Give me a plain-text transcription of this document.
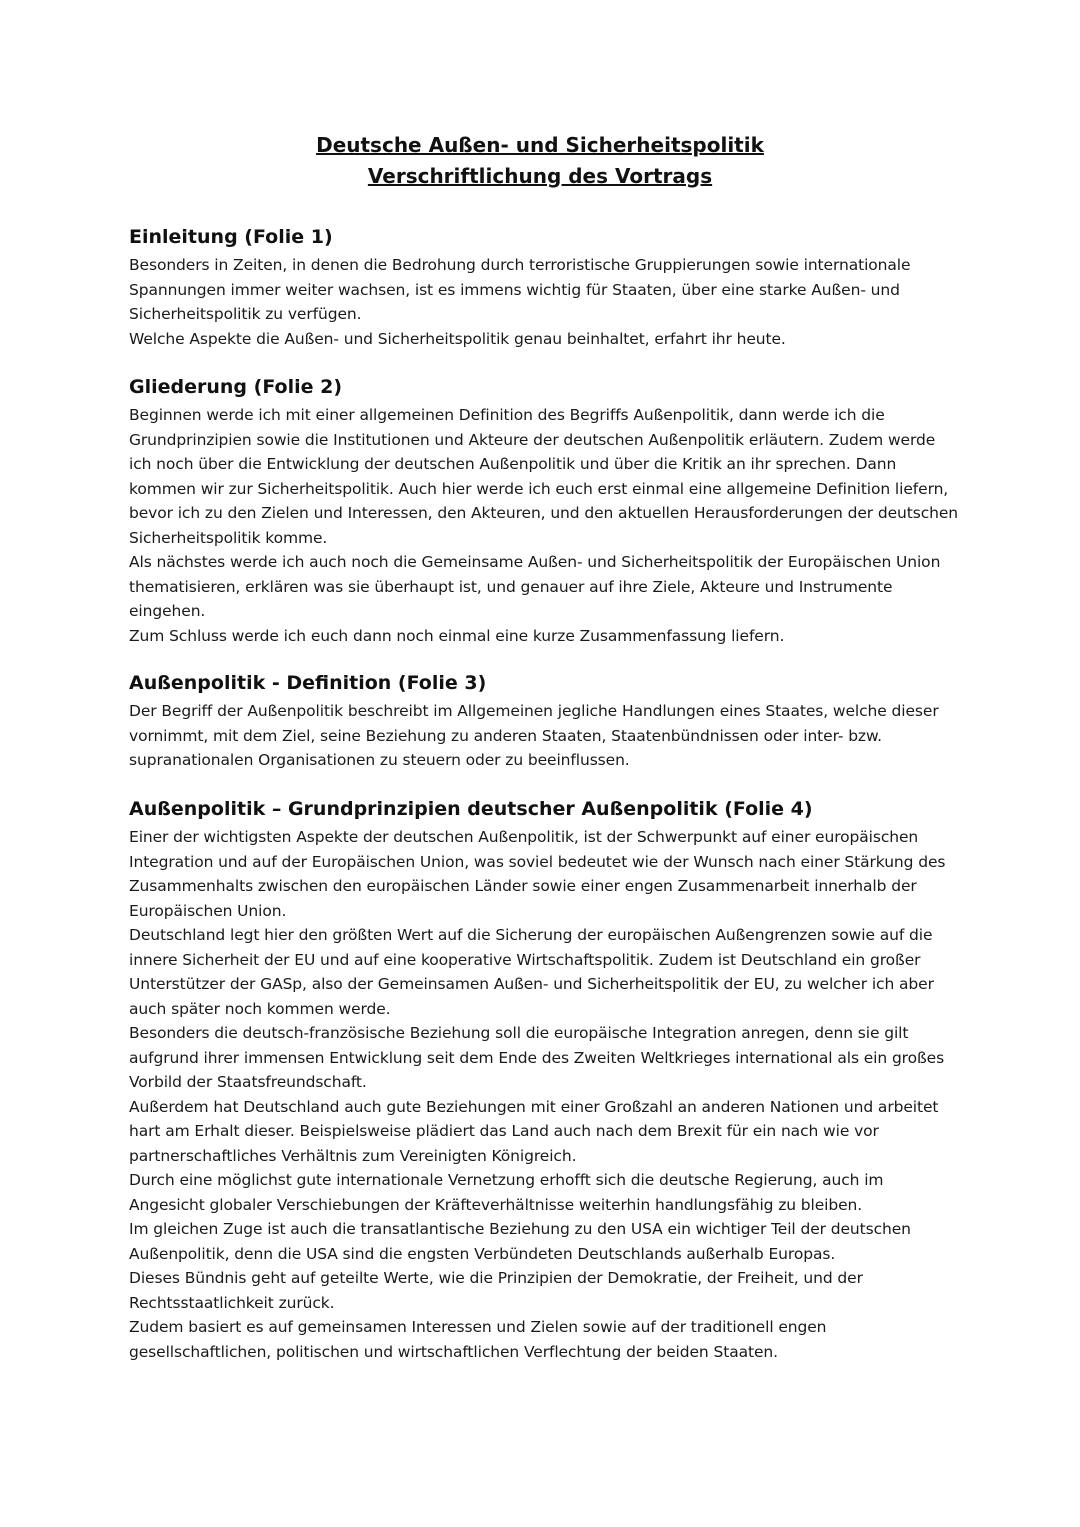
Deutsche Außen- und Sicherheitspolitik
Verschriftlichung des Vortrags
Einleitung (Folie 1)

Besonders in Zeiten, in denen die Bedrohung durch terroristische Gruppierungen sowie internationale Spannungen immer weiter wachsen, ist es immens wichtig für Staaten, über eine starke Außen- und Sicherheitspolitik zu verfügen.

Welche Aspekte die Außen- und Sicherheitspolitik genau beinhaltet, erfahrt ihr heute.

Gliederung (Folie 2)

Beginnen werde ich mit einer allgemeinen Definition des Begriffs Außenpolitik, dann werde ich die Grundprinzipien sowie die Institutionen und Akteure der deutschen Außenpolitik erläutern. Zudem werde ich noch über die Entwicklung der deutschen Außenpolitik und über die Kritik an ihr sprechen. Dann kommen wir zur Sicherheitspolitik. Auch hier werde ich euch erst einmal eine allgemeine Definition liefern, bevor ich zu den Zielen und Interessen, den Akteuren, und den aktuellen Herausforderungen der deutschen Sicherheitspolitik komme.

Als nächstes werde ich auch noch die Gemeinsame Außen- und Sicherheitspolitik der Europäischen Union thematisieren, erklären was sie überhaupt ist, und genauer auf ihre Ziele, Akteure und Instrumente eingehen.

Zum Schluss werde ich euch dann noch einmal eine kurze Zusammenfassung liefern.

Außenpolitik - Definition (Folie 3)

Der Begriff der Außenpolitik beschreibt im Allgemeinen jegliche Handlungen eines Staates, welche dieser vornimmt, mit dem Ziel, seine Beziehung zu anderen Staaten, Staatenbündnissen oder inter- bzw. supranationalen Organisationen zu steuern oder zu beeinflussen.

Außenpolitik – Grundprinzipien deutscher Außenpolitik (Folie 4)

Einer der wichtigsten Aspekte der deutschen Außenpolitik, ist der Schwerpunkt auf einer europäischen Integration und auf der Europäischen Union, was soviel bedeutet wie der Wunsch nach einer Stärkung des Zusammenhalts zwischen den europäischen Länder sowie einer engen Zusammenarbeit innerhalb der Europäischen Union.

Deutschland legt hier den größten Wert auf die Sicherung der europäischen Außengrenzen sowie auf die innere Sicherheit der EU und auf eine kooperative Wirtschaftspolitik. Zudem ist Deutschland ein großer Unterstützer der GASp, also der Gemeinsamen Außen- und Sicherheitspolitik der EU, zu welcher ich aber auch später noch kommen werde.

Besonders die deutsch-französische Beziehung soll die europäische Integration anregen, denn sie gilt aufgrund ihrer immensen Entwicklung seit dem Ende des Zweiten Weltkrieges international als ein großes Vorbild der Staatsfreundschaft.

Außerdem hat Deutschland auch gute Beziehungen mit einer Großzahl an anderen Nationen und arbeitet hart am Erhalt dieser. Beispielsweise plädiert das Land auch nach dem Brexit für ein nach wie vor partnerschaftliches Verhältnis zum Vereinigten Königreich.

Durch eine möglichst gute internationale Vernetzung erhofft sich die deutsche Regierung, auch im Angesicht globaler Verschiebungen der Kräfteverhältnisse weiterhin handlungsfähig zu bleiben.

Im gleichen Zuge ist auch die transatlantische Beziehung zu den USA ein wichtiger Teil der deutschen Außenpolitik, denn die USA sind die engsten Verbündeten Deutschlands außerhalb Europas.

Dieses Bündnis geht auf geteilte Werte, wie die Prinzipien der Demokratie, der Freiheit, und der Rechtsstaatlichkeit zurück.

Zudem basiert es auf gemeinsamen Interessen und Zielen sowie auf der traditionell engen gesellschaftlichen, politischen und wirtschaftlichen Verflechtung der beiden Staaten.
